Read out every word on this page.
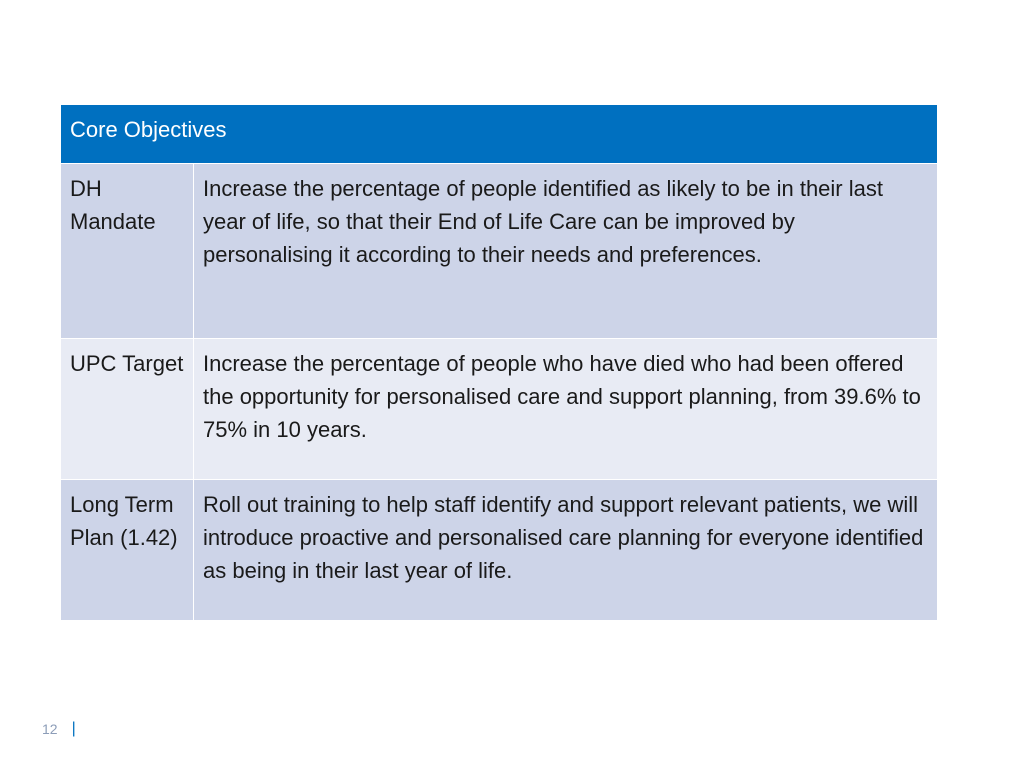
Core Objectives	
DH Mandate	Increase the percentage of people identified as likely to be in their last year of life, so that their End of Life Care can be improved by personalising it according to their needs and preferences.
UPC Target	Increase the percentage of people who have died who had been offered the opportunity for personalised care and support planning, from 39.6% to 75% in 10 years.
Long Term Plan (1.42)	Roll out training to help staff identify and support relevant patients, we will introduce proactive and personalised care planning for everyone identified as being in their last year of life.
12 |
